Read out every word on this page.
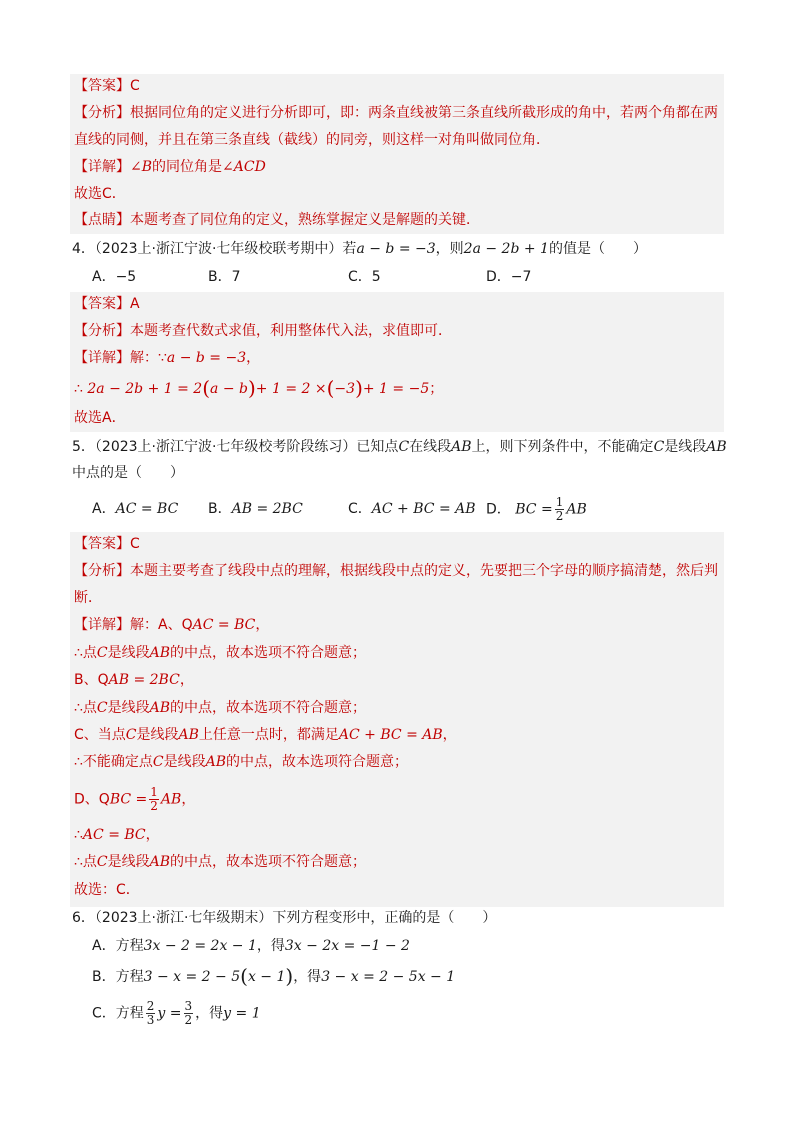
【答案】C
【分析】根据同位角的定义进行分析即可，即：两条直线被第三条直线所截形成的角中，若两个角都在两
直线的同侧，并且在第三条直线（截线）的同旁，则这样一对角叫做同位角．
【详解】∠B的同位角是∠ACD
故选C．
【点睛】本题考查了同位角的定义，熟练掌握定义是解题的关键．
4．（2023上·浙江宁波·七年级校联考期中）若a − b = −3，则2a − 2b + 1的值是（　　）
A．−5	B．7	C．5	D．−7
【答案】A
【分析】本题考查代数式求值，利用整体代入法，求值即可．
【详解】解：∵a − b = −3，
∴ 2a − 2b + 1 = 2(a − b)+ 1 = 2 ×(−3)+ 1 = −5；
故选A．
5．（2023上·浙江宁波·七年级校考阶段练习）已知点C在线段AB上，则下列条件中，不能确定C是线段AB
中点的是（　　）
A．AC = BC B．AB = 2BC	C．AC + BC = AB D． BC = $\frac{1}{2}$ AB
【答案】C
【分析】本题主要考查了线段中点的理解，根据线段中点的定义，先要把三个字母的顺序搞清楚，然后判
断．
【详解】解：A、QAC = BC，
∴点C是线段AB的中点，故本选项不符合题意；
B、QAB = 2BC，
∴点C是线段AB的中点，故本选项不符合题意；
C、当点C是线段AB上任意一点时，都满足AC + BC = AB，
∴不能确定点C是线段AB的中点，故本选项符合题意；
D、QBC = $\frac{1}{2}$ AB，
∴AC = BC，
∴点C是线段AB的中点，故本选项不符合题意；
故选：C．
6．（2023上·浙江·七年级期末）下列方程变形中，正确的是（　　）
A．方程3x − 2 = 2x − 1，得3x − 2x = −1 − 2
B．方程3 − x = 2 − 5(x − 1)，得3 − x = 2 − 5x − 1
C．方程 $\frac{2}{3}$ $y = \frac{3}{2}$ ，得y = 1
